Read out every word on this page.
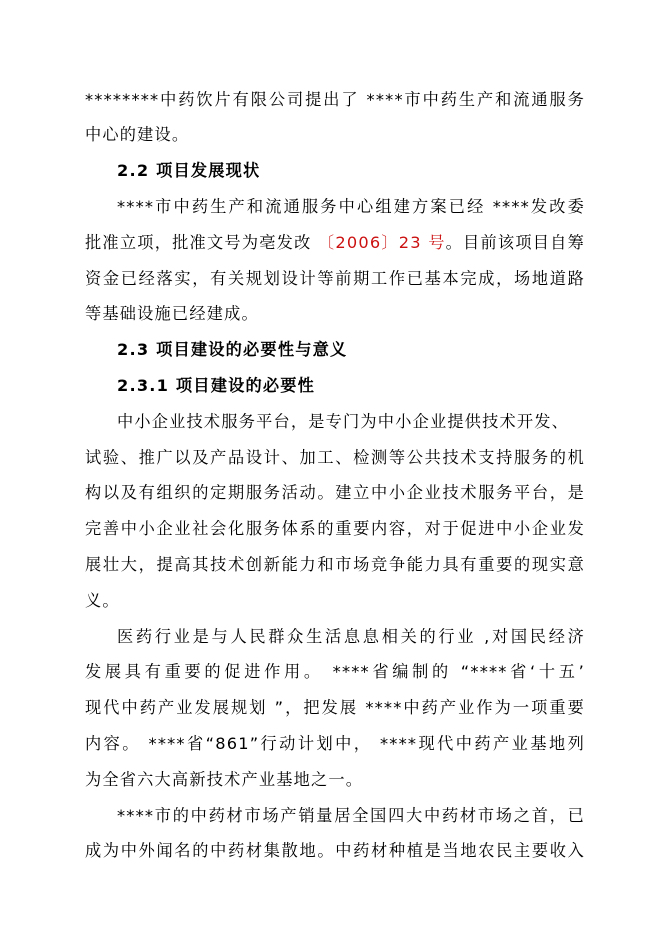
********中药饮片有限公司提出了 ****市中药生产和流通服务
中心的建设。
2.2 项目发展现状
****市中药生产和流通服务中心组建方案已经 ****发改委
批准立项，批准文号为亳发改 〔2006〕23 号。目前该项目自筹
资金已经落实，有关规划设计等前期工作已基本完成，场地道路
等基础设施已经建成。
2.3 项目建设的必要性与意义
2.3.1 项目建设的必要性
中小企业技术服务平台，是专门为中小企业提供技术开发、
试验、推广以及产品设计、加工、检测等公共技术支持服务的机
构以及有组织的定期服务活动。建立中小企业技术服务平台，是
完善中小企业社会化服务体系的重要内容，对于促进中小企业发
展壮大，提高其技术创新能力和市场竞争能力具有重要的现实意
义。
医药行业是与人民群众生活息息相关的行业 ,对国民经济
发展具有重要的促进作用。 ****省编制的 “****省‘十五’
现代中药产业发展规划 ”，把发展 ****中药产业作为一项重要
内容。 ****省“861”行动计划中， ****现代中药产业基地列
为全省六大高新技术产业基地之一。
****市的中药材市场产销量居全国四大中药材市场之首，已
成为中外闻名的中药材集散地。中药材种植是当地农民主要收入
